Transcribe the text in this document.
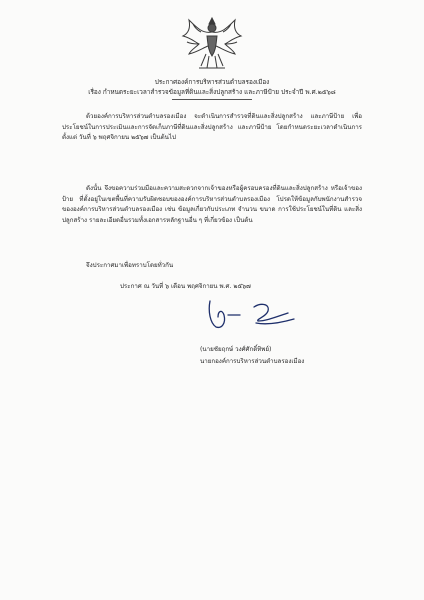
ประกาศองค์การบริหารส่วนตำบลรองเมือง
เรื่อง กำหนดระยะเวลาสำรวจข้อมูลที่ดินและสิ่งปลูกสร้าง และภาษีป้าย ประจำปี พ.ศ.๒๕๖๘
ด้วยองค์การบริหารส่วนตำบลรองเมือง จะดำเนินการสำรวจที่ดินและสิ่งปลูกสร้าง และภาษีป้าย เพื่อประโยชน์ในการประเมินและการจัดเก็บภาษีที่ดินและสิ่งปลูกสร้าง และภาษีป้าย โดยกำหนดระยะเวลาดำเนินการตั้งแต่ วันที่ ๖ พฤศจิกายน ๒๕๖๗ เป็นต้นไป
ดังนั้น จึงขอความร่วมมือและความสะดวกจากเจ้าของหรือผู้ครอบครองที่ดินและสิ่งปลูกสร้าง หรือเจ้าของป้าย ที่ตั้งอยู่ในเขตพื้นที่ความรับผิดชอบขององค์การบริหารส่วนตำบลรองเมือง โปรดให้ข้อมูลกับพนักงานสำรวจขององค์การบริหารส่วนตำบลรองเมือง เช่น ข้อมูลเกี่ยวกับประเภท จำนวน ขนาด การใช้ประโยชน์ในที่ดิน และสิ่งปลูกสร้าง รายละเอียดอื่นรวมทั้งเอกสารหลักฐานอื่น ๆ ที่เกี่ยวข้อง เป็นต้น
จึงประกาศมาเพื่อทราบโดยทั่วกัน
ประกาศ ณ วันที่ ๖ เดือน พฤศจิกายน พ.ศ. ๒๕๖๗
(นายชัยฤกษ์ วงศ์ศักดิ์ทิพย์)
นายกองค์การบริหารส่วนตำบลรองเมือง
